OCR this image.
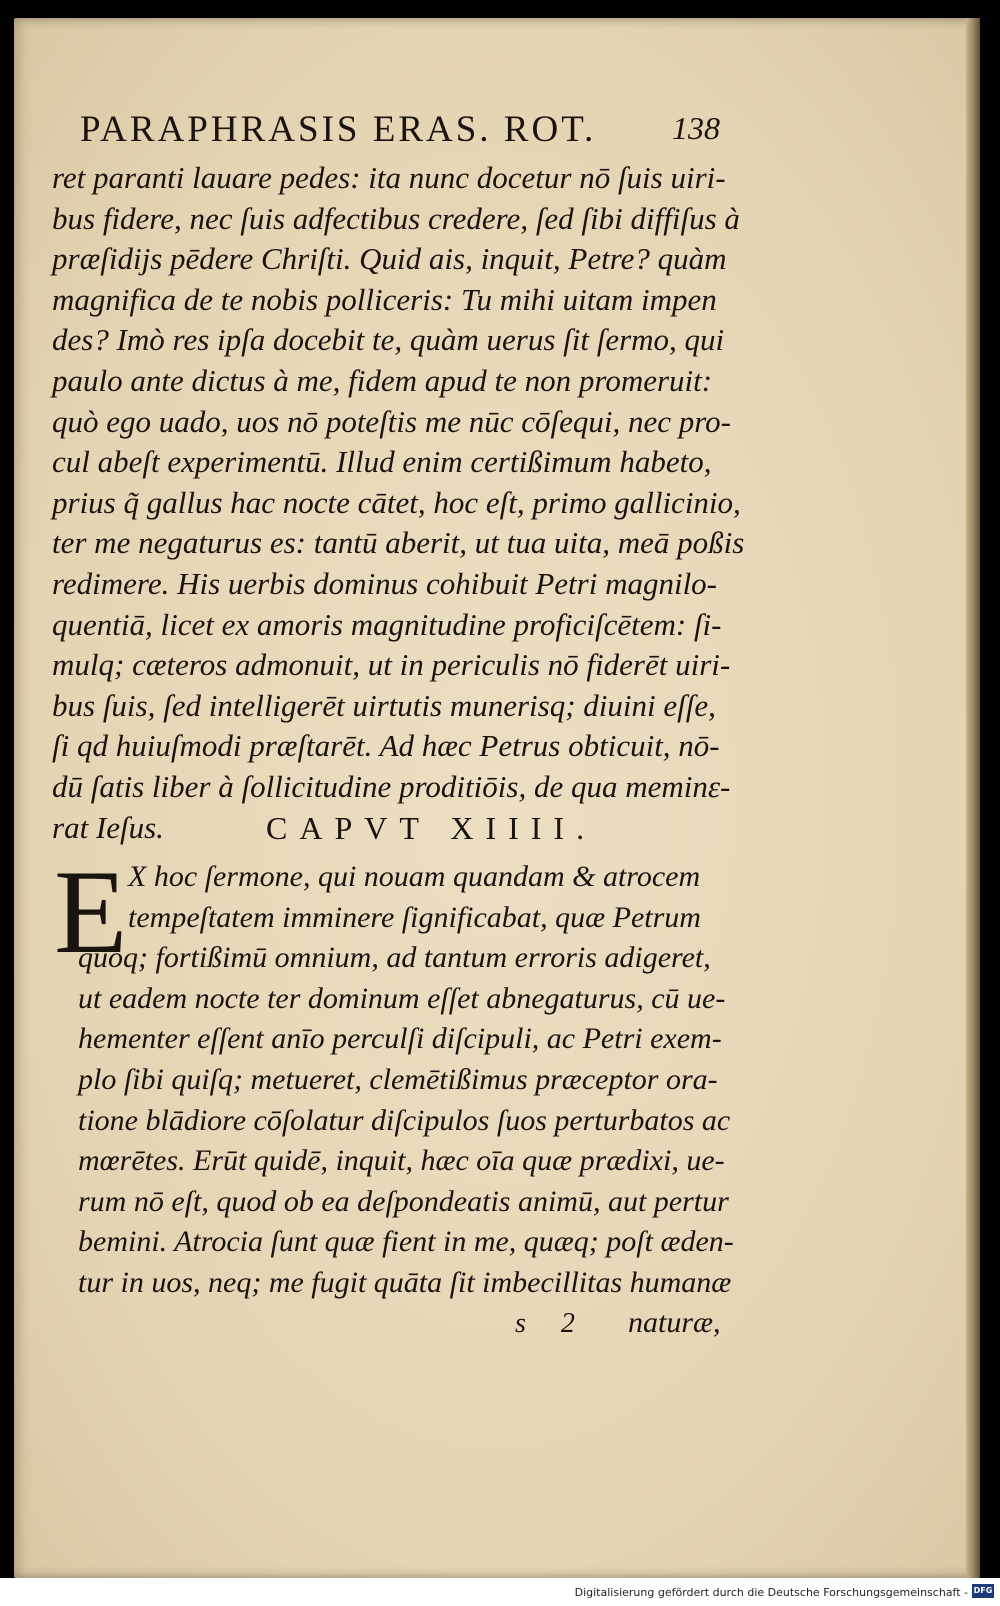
PARAPHRASIS ERAS. ROT. 138
ret paranti lauare pedes: ita nunc docetur nō ſuis uiri-
bus fidere, nec ſuis adfectibus credere, ſed ſibi diffiſus à
præſidijs pēdere Chriſti. Quid ais, inquit, Petre? quàm
magnifica de te nobis polliceris: Tu mihi uitam impen
des? Imò res ipſa docebit te, quàm uerus ſit ſermo, qui
paulo ante dictus à me, fidem apud te non promeruit:
quò ego uado, uos nō poteſtis me nūc cōſequi, nec pro-
cul abeſt experimentū. Illud enim certißimum habeto,
prius q̃ gallus hac nocte cātet, hoc eſt, primo gallicinio,
ter me negaturus es: tantū aberit, ut tua uita, meā poßis
redimere. His uerbis dominus cohibuit Petri magnilo-
quentiā, licet ex amoris magnitudine proficiſcētem: ſi-
mulq; cæteros admonuit, ut in periculis nō fiderēt uiri-
bus ſuis, ſed intelligerēt uirtutis munerisq; diuini eſſe,
ſi qd huiuſmodi præſtarēt. Ad hæc Petrus obticuit, nō-
dū ſatis liber à ſollicitudine proditiōis, de qua meminε-
rat Ieſus.	CAPVT XIIII.
E X hoc ſermone, qui nouam quandam & atrocem
tempeſtatem imminere ſignificabat, quæ Petrum
quoq; fortißimū omnium, ad tantum erroris adigeret,
ut eadem nocte ter dominum eſſet abnegaturus, cū ue-
hementer eſſent anīo perculſi diſcipuli, ac Petri exem-
plo ſibi quiſq; metueret, clemētißimus præceptor ora-
tione blādiore cōſolatur diſcipulos ſuos perturbatos ac
mœrētes. Erūt quidē, inquit, hæc oīa quæ prædixi, ue-
rum nō eſt, quod ob ea deſpondeatis animū, aut pertur
bemini. Atrocia ſunt quæ fient in me, quæq; poſt æden-
tur in uos, neq; me fugit quāta ſit imbecillitas humanæ
s 2 naturæ,
Digitalisierung gefördert durch die Deutsche Forschungsgemeinschaft - DFG
